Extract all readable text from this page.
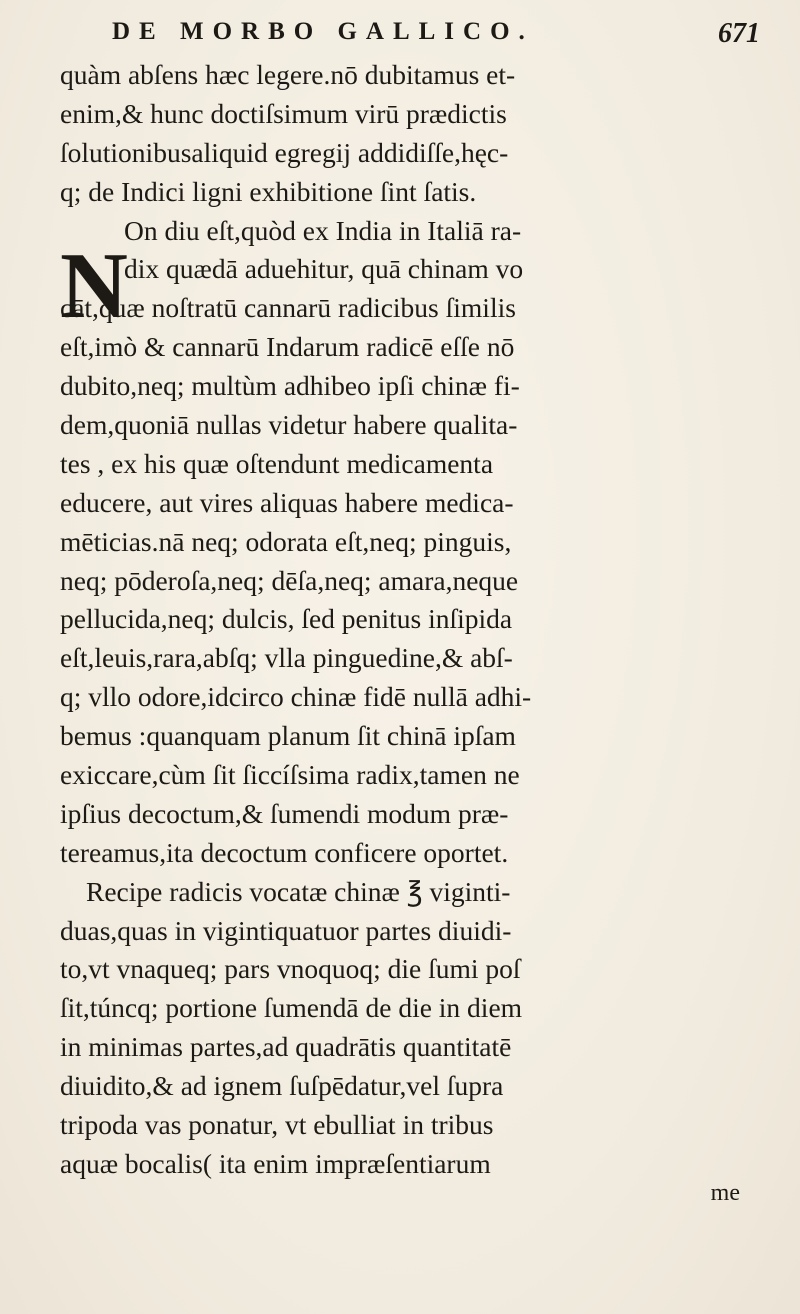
DE MORBO GALLICO.	671
N
quàm abſens hæc legere.nō dubitamus et-
enim,& hunc doctiſsimum virū prædictis
ſolutionibusaliquid egregij addidiſſe,hęc-
q; de Indici ligni exhibitione ſint ſatis.
On diu eſt,quòd ex India in Italiā ra-
dix quædā aduehitur, quā chinam vo
cāt,quæ noſtratū cannarū radicibus ſimilis
eſt,imò & cannarū Indarum radicē eſſe nō
dubito,neq; multùm adhibeo ipſi chinæ fi-
dem,quoniā nullas videtur habere qualita-
tes , ex his quæ oſtendunt medicamenta
educere, aut vires aliquas habere medica-
mēticias.nā neq; odorata eſt,neq; pinguis,
neq; pōderoſa,neq; dēſa,neq; amara,neque
pellucida,neq; dulcis, ſed penitus inſipida
eſt,leuis,rara,abſq; vlla pinguedine,& abſ-
q; vllo odore,idcirco chinæ fidē nullā adhi-
bemus :quanquam planum ſit chinā ipſam
exiccare,cùm ſit ſiccíſsima radix,tamen ne
ipſius decoctum,& ſumendi modum præ-
tereamus,ita decoctum conficere oportet.
Recipe radicis vocatæ chinæ ℥ viginti-
duas,quas in vigintiquatuor partes diuidi-
to,vt vnaqueq; pars vnoquoq; die ſumi poſ
ſit,túncq; portione ſumendā de die in diem
in minimas partes,ad quadrātis quantitatē
diuidito,& ad ignem ſuſpēdatur,vel ſupra
tripoda vas ponatur, vt ebulliat in tribus
aquæ bocalis( ita enim impræſentiarum
me
